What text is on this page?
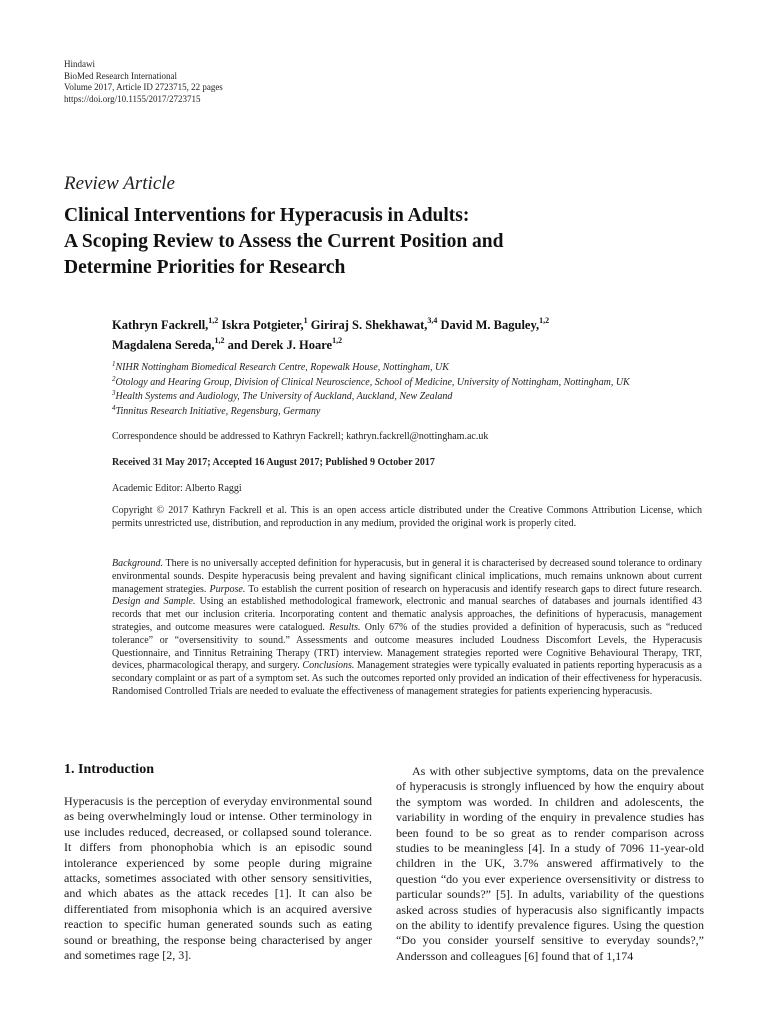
Hindawi
BioMed Research International
Volume 2017, Article ID 2723715, 22 pages
https://doi.org/10.1155/2017/2723715
Review Article
Clinical Interventions for Hyperacusis in Adults:
A Scoping Review to Assess the Current Position and
Determine Priorities for Research
Kathryn Fackrell,$^{1,2}$ Iskra Potgieter,$^1$ Giriraj S. Shekhawat,$^{3,4}$ David M. Baguley,$^{1,2}$
Magdalena Sereda,$^{1,2}$ and Derek J. Hoare$^{1,2}$
$^1$NIHR Nottingham Biomedical Research Centre, Ropewalk House, Nottingham, UK
$^2$Otology and Hearing Group, Division of Clinical Neuroscience, School of Medicine, University of Nottingham, Nottingham, UK
$^3$Health Systems and Audiology, The University of Auckland, Auckland, New Zealand
$^4$Tinnitus Research Initiative, Regensburg, Germany
Correspondence should be addressed to Kathryn Fackrell; kathryn.fackrell@nottingham.ac.uk
Received 31 May 2017; Accepted 16 August 2017; Published 9 October 2017
Academic Editor: Alberto Raggi
Copyright © 2017 Kathryn Fackrell et al. This is an open access article distributed under the Creative Commons Attribution License, which permits unrestricted use, distribution, and reproduction in any medium, provided the original work is properly cited.
Background. There is no universally accepted definition for hyperacusis, but in general it is characterised by decreased sound tolerance to ordinary environmental sounds. Despite hyperacusis being prevalent and having significant clinical implications, much remains unknown about current management strategies. Purpose. To establish the current position of research on hyperacusis and identify research gaps to direct future research. Design and Sample. Using an established methodological framework, electronic and manual searches of databases and journals identified 43 records that met our inclusion criteria. Incorporating content and thematic analysis approaches, the definitions of hyperacusis, management strategies, and outcome measures were catalogued. Results. Only 67% of the studies provided a definition of hyperacusis, such as “reduced tolerance” or “oversensitivity to sound.” Assessments and outcome measures included Loudness Discomfort Levels, the Hyperacusis Questionnaire, and Tinnitus Retraining Therapy (TRT) interview. Management strategies reported were Cognitive Behavioural Therapy, TRT, devices, pharmacological therapy, and surgery. Conclusions. Management strategies were typically evaluated in patients reporting hyperacusis as a secondary complaint or as part of a symptom set. As such the outcomes reported only provided an indication of their effectiveness for hyperacusis. Randomised Controlled Trials are needed to evaluate the effectiveness of management strategies for patients experiencing hyperacusis.
1. Introduction

Hyperacusis is the perception of everyday environmental sound as being overwhelmingly loud or intense. Other terminology in use includes reduced, decreased, or collapsed sound tolerance. It differs from phonophobia which is an episodic sound intolerance experienced by some people during migraine attacks, sometimes associated with other sensory sensitivities, and which abates as the attack recedes [1]. It can also be differentiated from misophonia which is an acquired aversive reaction to specific human generated sounds such as eating sound or breathing, the response being characterised by anger and sometimes rage [2, 3].

As with other subjective symptoms, data on the prevalence of hyperacusis is strongly influenced by how the enquiry about the symptom was worded. In children and adolescents, the variability in wording of the enquiry in prevalence studies has been found to be so great as to render comparison across studies to be meaningless [4]. In a study of 7096 11-year-old children in the UK, 3.7% answered affirmatively to the question “do you ever experience oversensitivity or distress to particular sounds?” [5]. In adults, variability of the questions asked across studies of hyperacusis also significantly impacts on the ability to identify prevalence figures. Using the question “Do you consider yourself sensitive to everyday sounds?,” Andersson and colleagues [6] found that of 1,174
